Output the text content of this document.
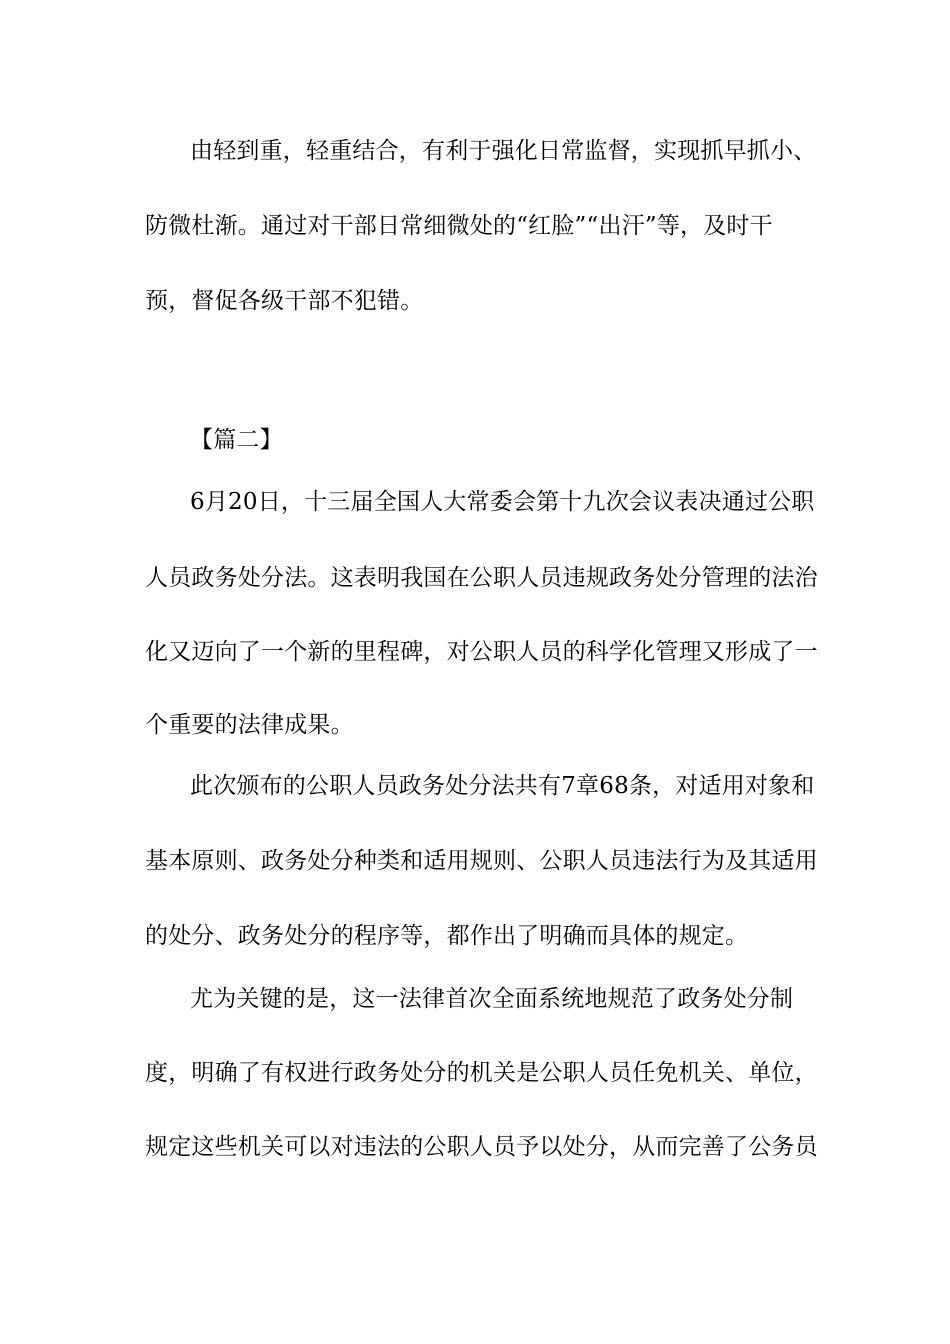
由轻到重，轻重结合，有利于强化日常监督，实现抓早抓小、
防微杜渐。通过对干部日常细微处的“红脸”“出汗”等，及时干
预，督促各级干部不犯错。
【篇二】
6月20日，十三届全国人大常委会第十九次会议表决通过公职
人员政务处分法。这表明我国在公职人员违规政务处分管理的法治
化又迈向了一个新的里程碑，对公职人员的科学化管理又形成了一
个重要的法律成果。
此次颁布的公职人员政务处分法共有7章68条，对适用对象和
基本原则、政务处分种类和适用规则、公职人员违法行为及其适用
的处分、政务处分的程序等，都作出了明确而具体的规定。
尤为关键的是，这一法律首次全面系统地规范了政务处分制
度，明确了有权进行政务处分的机关是公职人员任免机关、单位，
规定这些机关可以对违法的公职人员予以处分，从而完善了公务员
